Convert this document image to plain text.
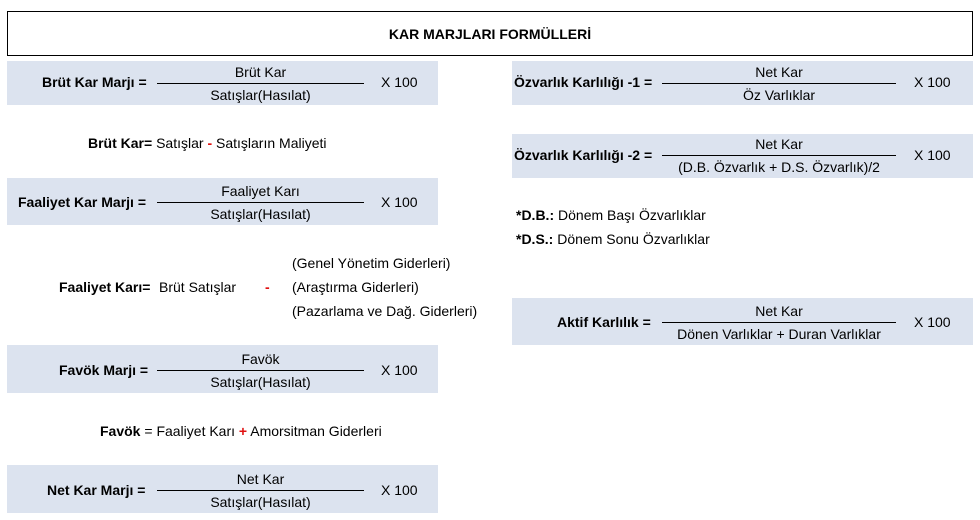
KAR MARJLARI FORMÜLLERİ
Brüt Kar Marjı =
Brüt Kar
Satışlar(Hasılat)
X 100
Brüt Kar= Satışlar - Satışların Maliyeti
Faaliyet Kar Marjı =
Faaliyet Karı
Satışlar(Hasılat)
X 100
Faaliyet Karı= Brüt Satışlar -
(Genel Yönetim Giderleri)
(Araştırma Giderleri)
(Pazarlama ve Dağ. Giderleri)
Favök Marjı =
Favök
Satışlar(Hasılat)
X 100
Favök = Faaliyet Karı + Amorsitman Giderleri
Net Kar Marjı =
Net Kar
Satışlar(Hasılat)
X 100
Özvarlık Karlılığı -1 =
Net Kar
Öz Varlıklar
X 100
Özvarlık Karlılığı -2 =
Net Kar
(D.B. Özvarlık + D.S. Özvarlık)/2
X 100
*D.B.: Dönem Başı Özvarlıklar
*D.S.: Dönem Sonu Özvarlıklar
Aktif Karlılık =
Net Kar
Dönen Varlıklar + Duran Varlıklar
X 100
